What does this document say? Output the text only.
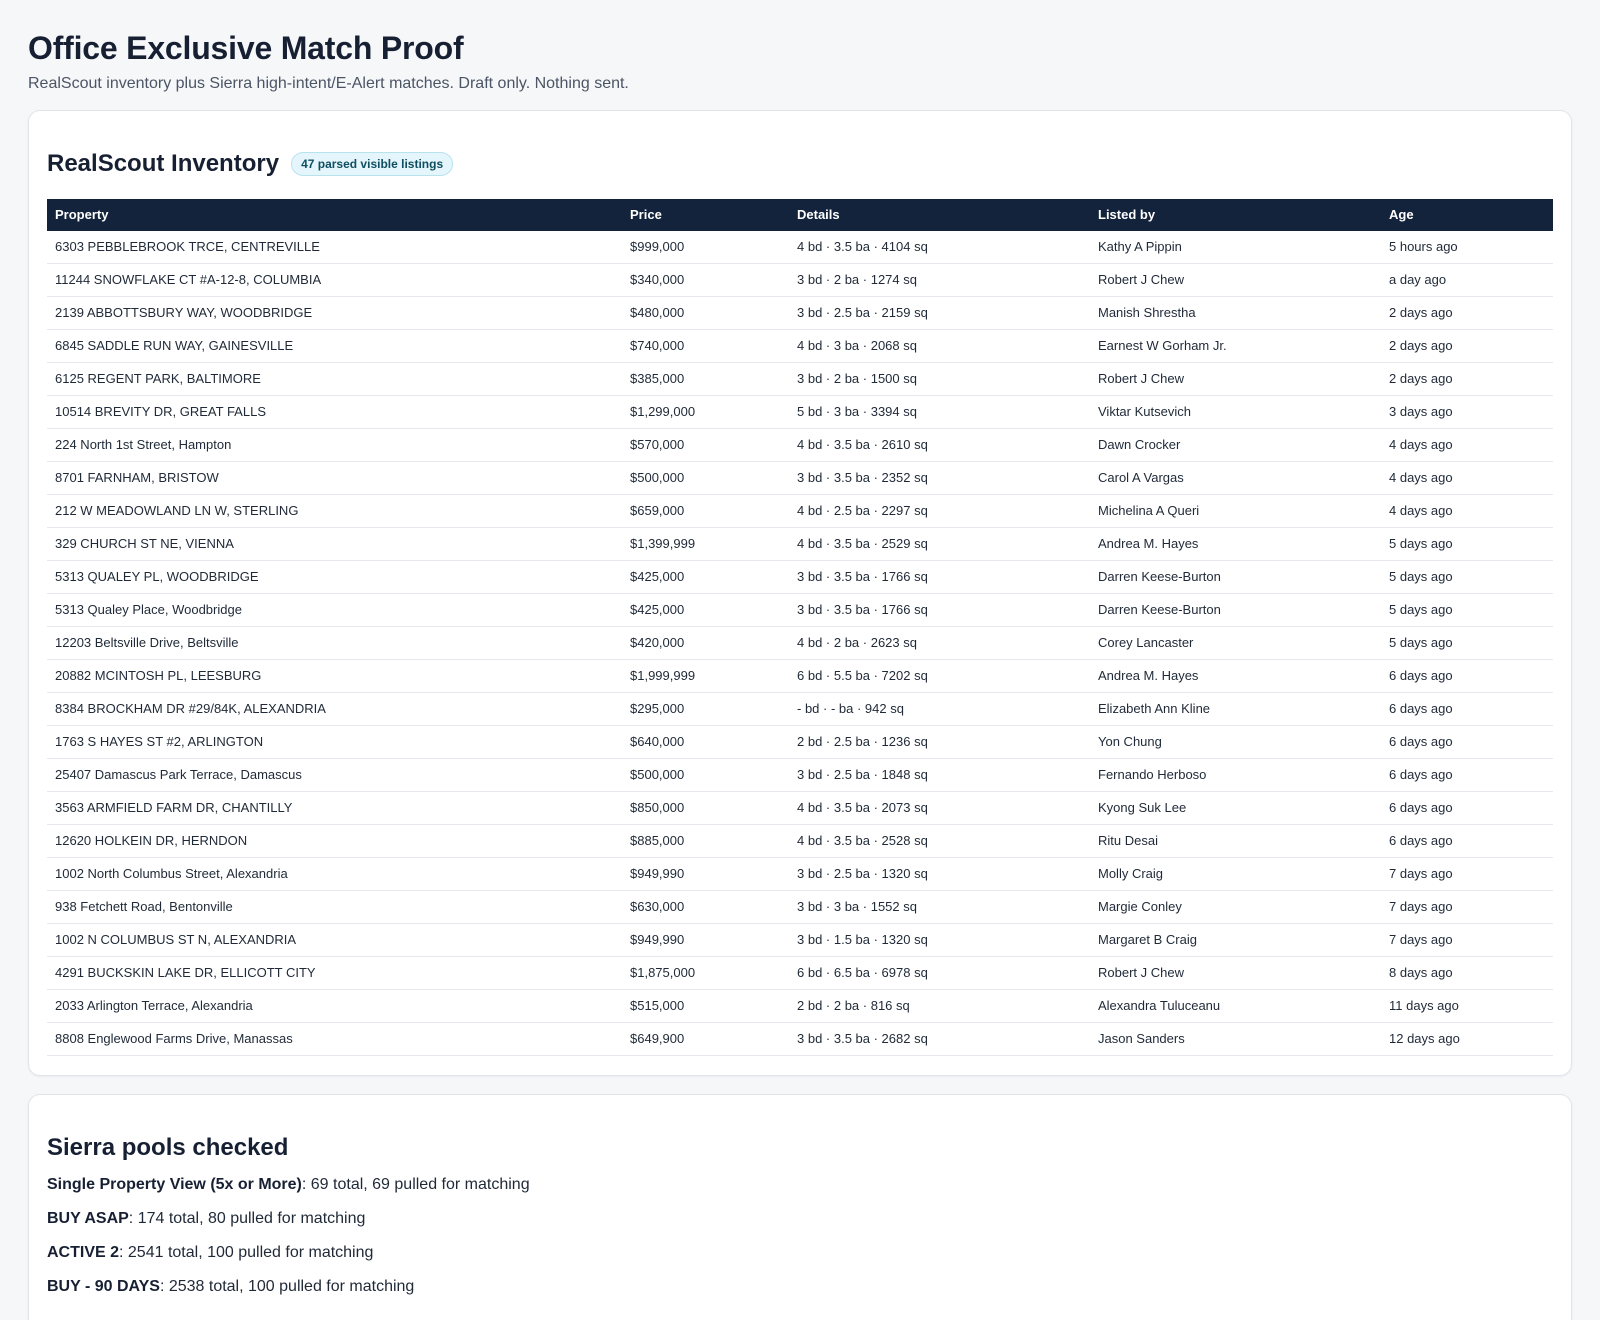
Office Exclusive Match Proof

RealScout inventory plus Sierra high-intent/E-Alert matches. Draft only. Nothing sent.

RealScout Inventory	47 parsed visible listings
Property	Price	Details	Listed by	Age
6303 PEBBLEBROOK TRCE, CENTREVILLE	$999,000	4 bd · 3.5 ba · 4104 sq	Kathy A Pippin	5 hours ago
11244 SNOWFLAKE CT #A-12-8, COLUMBIA	$340,000	3 bd · 2 ba · 1274 sq	Robert J Chew	a day ago
2139 ABBOTTSBURY WAY, WOODBRIDGE	$480,000	3 bd · 2.5 ba · 2159 sq	Manish Shrestha	2 days ago
6845 SADDLE RUN WAY, GAINESVILLE	$740,000	4 bd · 3 ba · 2068 sq	Earnest W Gorham Jr.	2 days ago
6125 REGENT PARK, BALTIMORE	$385,000	3 bd · 2 ba · 1500 sq	Robert J Chew	2 days ago
10514 BREVITY DR, GREAT FALLS	$1,299,000	5 bd · 3 ba · 3394 sq	Viktar Kutsevich	3 days ago
224 North 1st Street, Hampton	$570,000	4 bd · 3.5 ba · 2610 sq	Dawn Crocker	4 days ago
8701 FARNHAM, BRISTOW	$500,000	3 bd · 3.5 ba · 2352 sq	Carol A Vargas	4 days ago
212 W MEADOWLAND LN W, STERLING	$659,000	4 bd · 2.5 ba · 2297 sq	Michelina A Queri	4 days ago
329 CHURCH ST NE, VIENNA	$1,399,999	4 bd · 3.5 ba · 2529 sq	Andrea M. Hayes	5 days ago
5313 QUALEY PL, WOODBRIDGE	$425,000	3 bd · 3.5 ba · 1766 sq	Darren Keese-Burton	5 days ago
5313 Qualey Place, Woodbridge	$425,000	3 bd · 3.5 ba · 1766 sq	Darren Keese-Burton	5 days ago
12203 Beltsville Drive, Beltsville	$420,000	4 bd · 2 ba · 2623 sq	Corey Lancaster	5 days ago
20882 MCINTOSH PL, LEESBURG	$1,999,999	6 bd · 5.5 ba · 7202 sq	Andrea M. Hayes	6 days ago
8384 BROCKHAM DR #29/84K, ALEXANDRIA	$295,000	- bd · - ba · 942 sq	Elizabeth Ann Kline	6 days ago
1763 S HAYES ST #2, ARLINGTON	$640,000	2 bd · 2.5 ba · 1236 sq	Yon Chung	6 days ago
25407 Damascus Park Terrace, Damascus	$500,000	3 bd · 2.5 ba · 1848 sq	Fernando Herboso	6 days ago
3563 ARMFIELD FARM DR, CHANTILLY	$850,000	4 bd · 3.5 ba · 2073 sq	Kyong Suk Lee	6 days ago
12620 HOLKEIN DR, HERNDON	$885,000	4 bd · 3.5 ba · 2528 sq	Ritu Desai	6 days ago
1002 North Columbus Street, Alexandria	$949,990	3 bd · 2.5 ba · 1320 sq	Molly Craig	7 days ago
938 Fetchett Road, Bentonville	$630,000	3 bd · 3 ba · 1552 sq	Margie Conley	7 days ago
1002 N COLUMBUS ST N, ALEXANDRIA	$949,990	3 bd · 1.5 ba · 1320 sq	Margaret B Craig	7 days ago
4291 BUCKSKIN LAKE DR, ELLICOTT CITY	$1,875,000	6 bd · 6.5 ba · 6978 sq	Robert J Chew	8 days ago
2033 Arlington Terrace, Alexandria	$515,000	2 bd · 2 ba · 816 sq	Alexandra Tuluceanu	11 days ago
8808 Englewood Farms Drive, Manassas	$649,900	3 bd · 3.5 ba · 2682 sq	Jason Sanders	12 days ago
Sierra pools checked

Single Property View (5x or More): 69 total, 69 pulled for matching

BUY ASAP: 174 total, 80 pulled for matching

ACTIVE 2: 2541 total, 100 pulled for matching

BUY - 90 DAYS: 2538 total, 100 pulled for matching
